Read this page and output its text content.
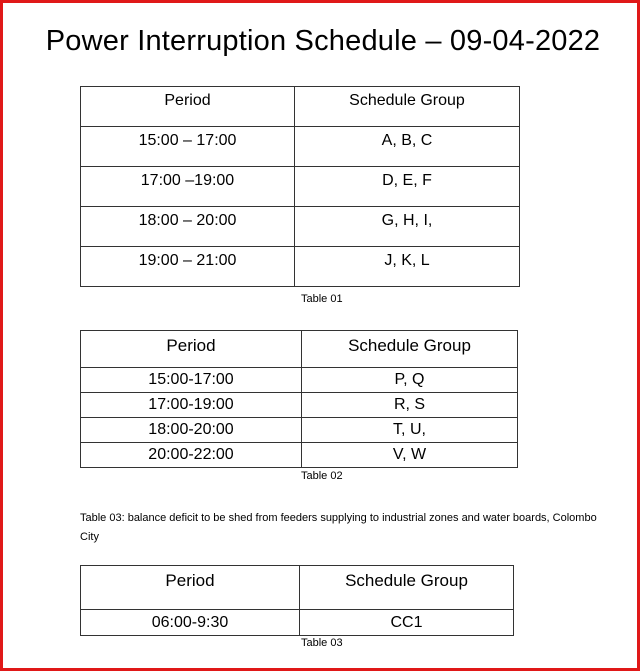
Power Interruption Schedule – 09-04-2022
Period	Schedule Group
15:00 – 17:00	A, B, C
17:00 –19:00	D, E, F
18:00 – 20:00	G, H, I,
19:00 – 21:00	J, K, L
Table 01
Period	Schedule Group
15:00-17:00	P, Q
17:00-19:00	R, S
18:00-20:00	T, U,
20:00-22:00	V, W
Table 02
Table 03: balance deficit to be shed from feeders supplying to industrial zones and water boards, Colombo City
Period	Schedule Group
06:00-9:30	CC1
Table 03
